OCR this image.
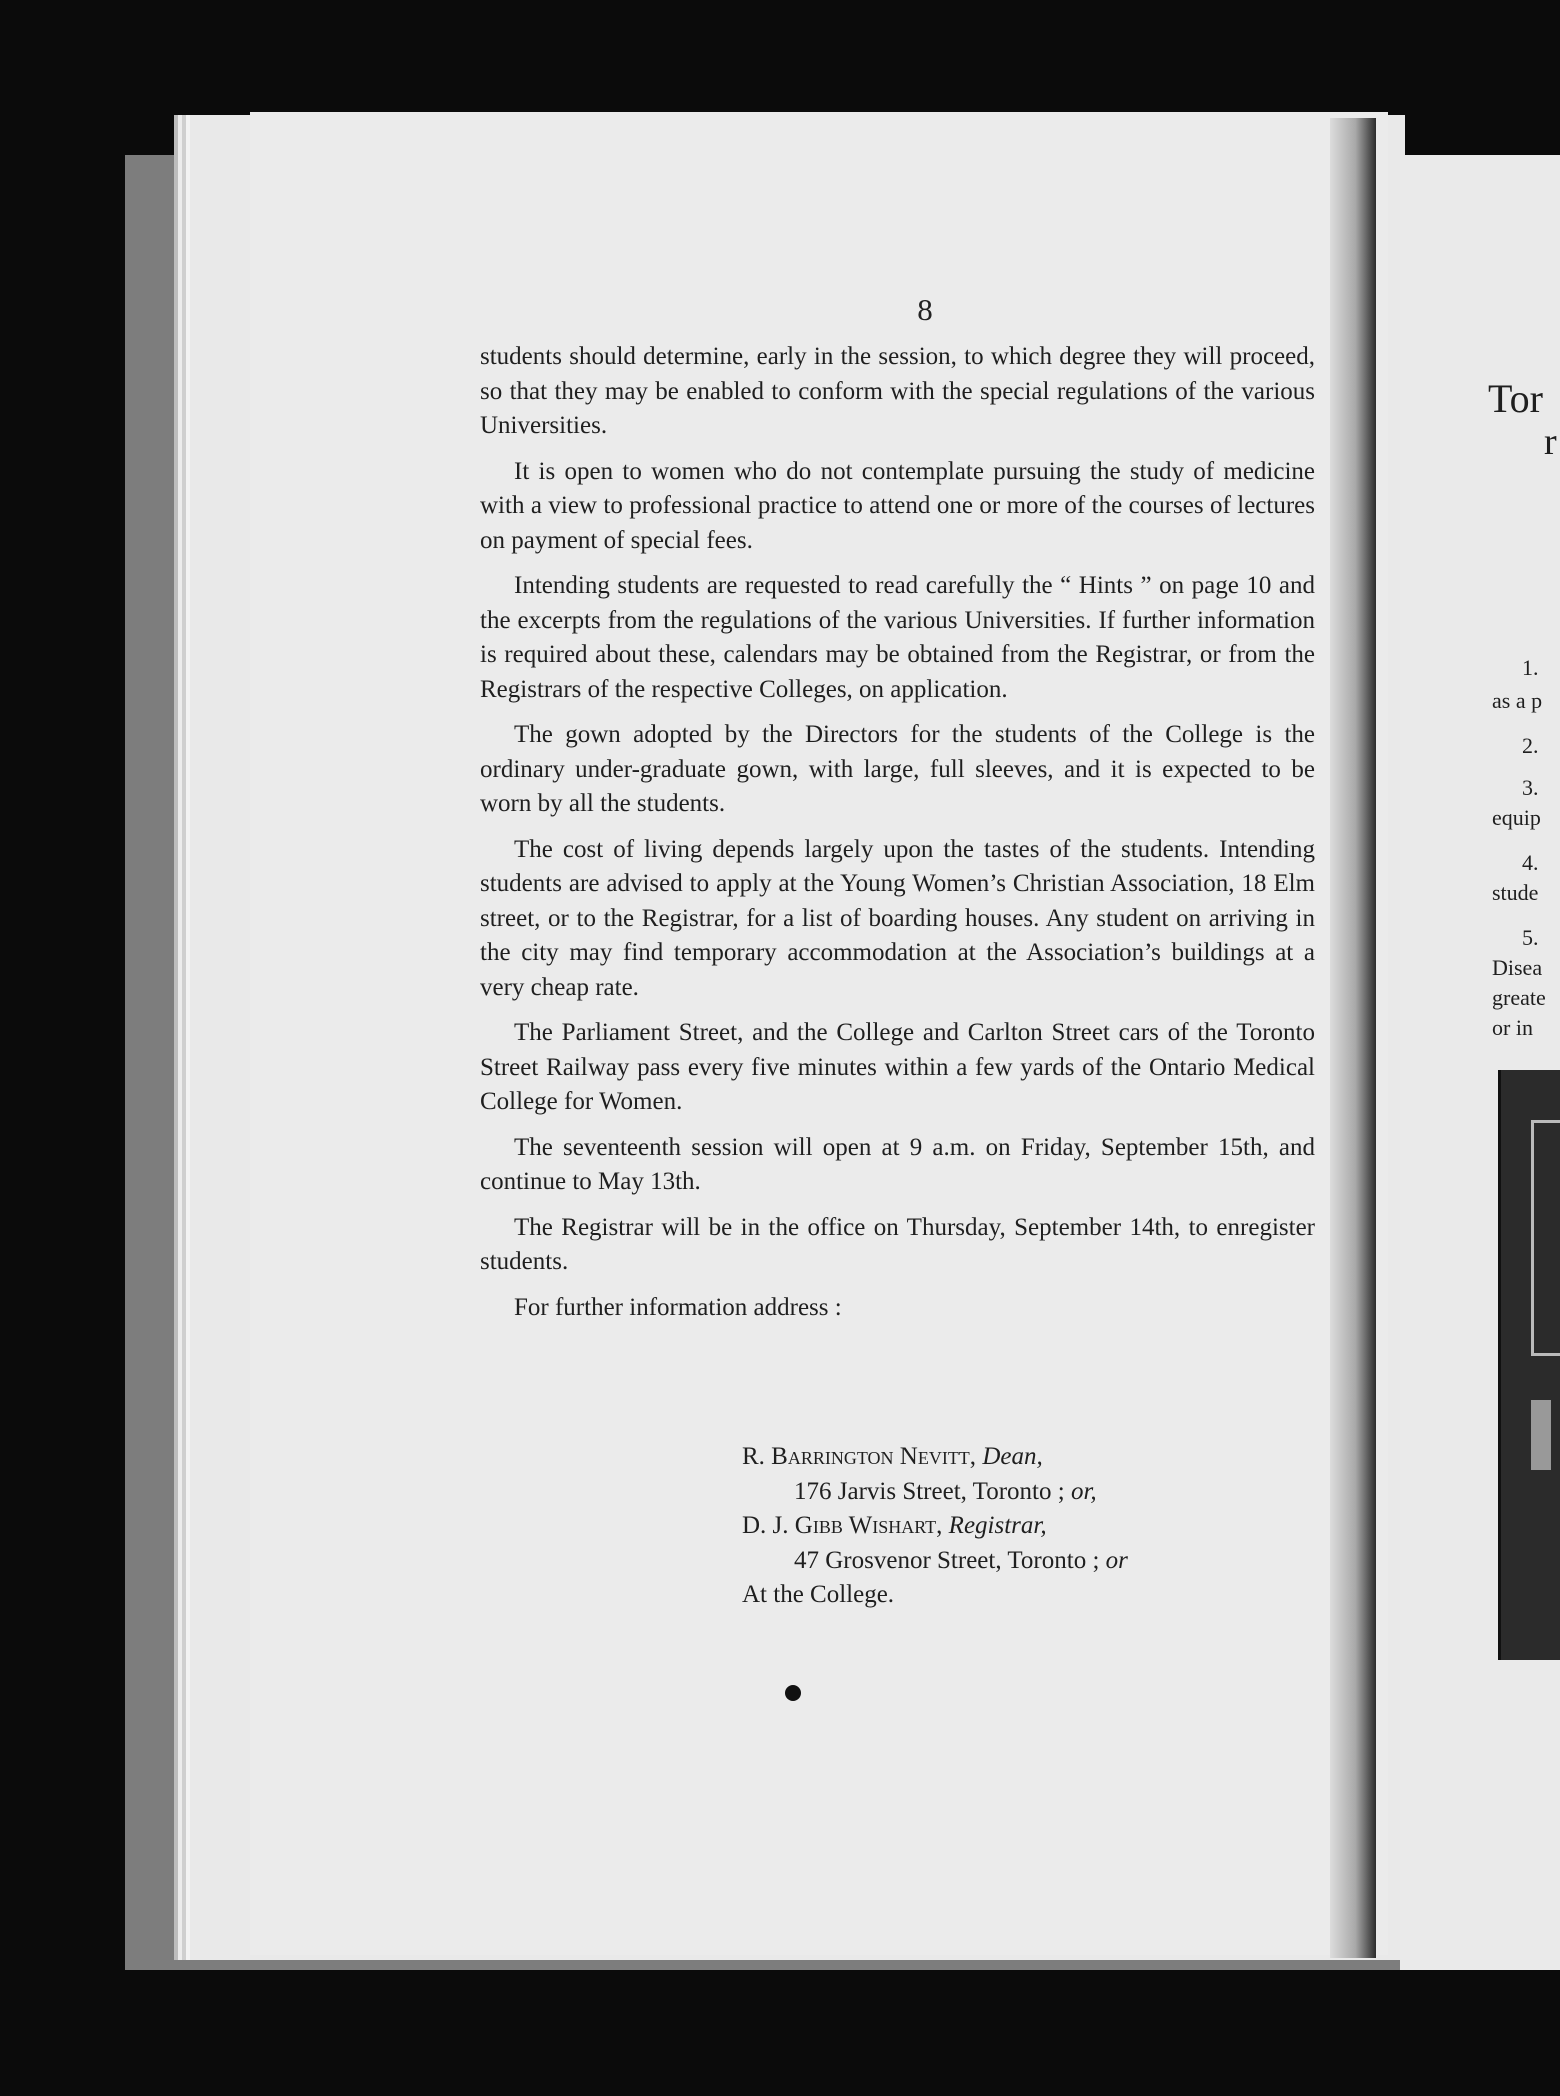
Tor
r
1.
as a p
2.
3.
equip
4.
stude
5.
Disea
greate
or in
8

students should determine, early in the session, to which degree they will proceed, so that they may be enabled to conform with the special regulations of the various Universities.

It is open to women who do not contemplate pursuing the study of medicine with a view to professional practice to attend one or more of the courses of lectures on payment of special fees.

Intending students are requested to read carefully the “ Hints ” on page 10 and the excerpts from the regulations of the various Universities. If further information is required about these, calendars may be obtained from the Registrar, or from the Registrars of the respective Colleges, on application.

The gown adopted by the Directors for the students of the College is the ordinary under-graduate gown, with large, full sleeves, and it is expected to be worn by all the students.

The cost of living depends largely upon the tastes of the students. Intending students are advised to apply at the Young Women’s Christian Association, 18 Elm street, or to the Registrar, for a list of boarding houses. Any student on arriving in the city may find temporary accommodation at the Association’s buildings at a very cheap rate.

The Parliament Street, and the College and Carlton Street cars of the Toronto Street Railway pass every five minutes within a few yards of the Ontario Medical College for Women.

The seventeenth session will open at 9 a.m. on Friday, September 15th, and continue to May 13th.

The Registrar will be in the office on Thursday, September 14th, to enregister students.

For further information address :

R. Barrington Nevitt, Dean,
176 Jarvis Street, Toronto ; or,
D. J. Gibb Wishart, Registrar,
47 Grosvenor Street, Toronto ; or
At the College.
